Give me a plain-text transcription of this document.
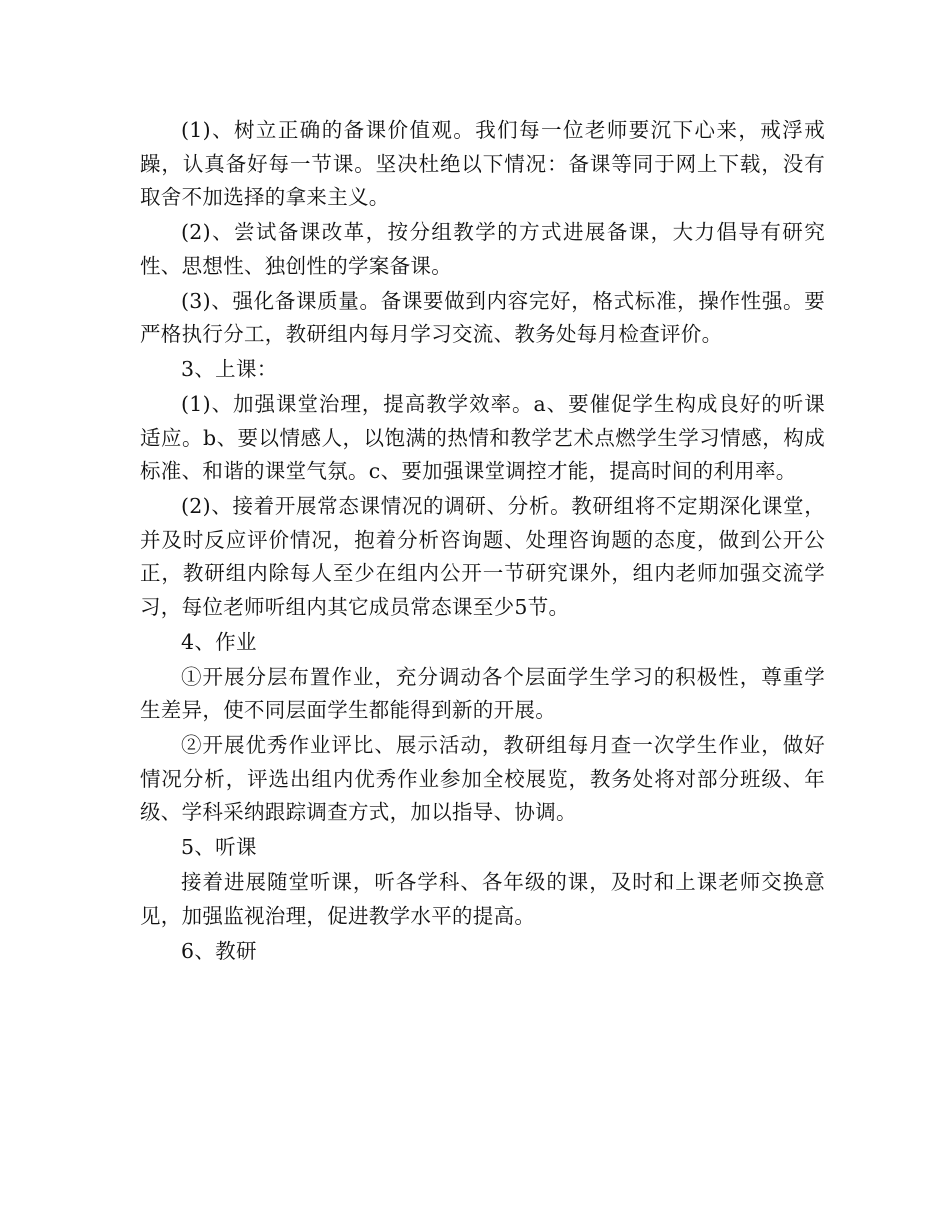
(1)、树立正确的备课价值观。我们每一位老师要沉下心来，戒浮戒躁，认真备好每一节课。坚决杜绝以下情况：备课等同于网上下载，没有取舍不加选择的拿来主义。

(2)、尝试备课改革，按分组教学的方式进展备课，大力倡导有研究性、思想性、独创性的学案备课。

(3)、强化备课质量。备课要做到内容完好，格式标准，操作性强。要严格执行分工，教研组内每月学习交流、教务处每月检查评价。

3、上课：

(1)、加强课堂治理，提高教学效率。a、要催促学生构成良好的听课适应。b、要以情感人，以饱满的热情和教学艺术点燃学生学习情感，构成标准、和谐的课堂气氛。c、要加强课堂调控才能，提高时间的利用率。

(2)、接着开展常态课情况的调研、分析。教研组将不定期深化课堂，并及时反应评价情况，抱着分析咨询题、处理咨询题的态度，做到公开公正，教研组内除每人至少在组内公开一节研究课外，组内老师加强交流学习，每位老师听组内其它成员常态课至少5节。

4、作业

①开展分层布置作业，充分调动各个层面学生学习的积极性，尊重学生差异，使不同层面学生都能得到新的开展。

②开展优秀作业评比、展示活动，教研组每月查一次学生作业，做好情况分析，评选出组内优秀作业参加全校展览，教务处将对部分班级、年级、学科采纳跟踪调查方式，加以指导、协调。

5、听课

接着进展随堂听课，听各学科、各年级的课，及时和上课老师交换意见，加强监视治理，促进教学水平的提高。

6、教研
